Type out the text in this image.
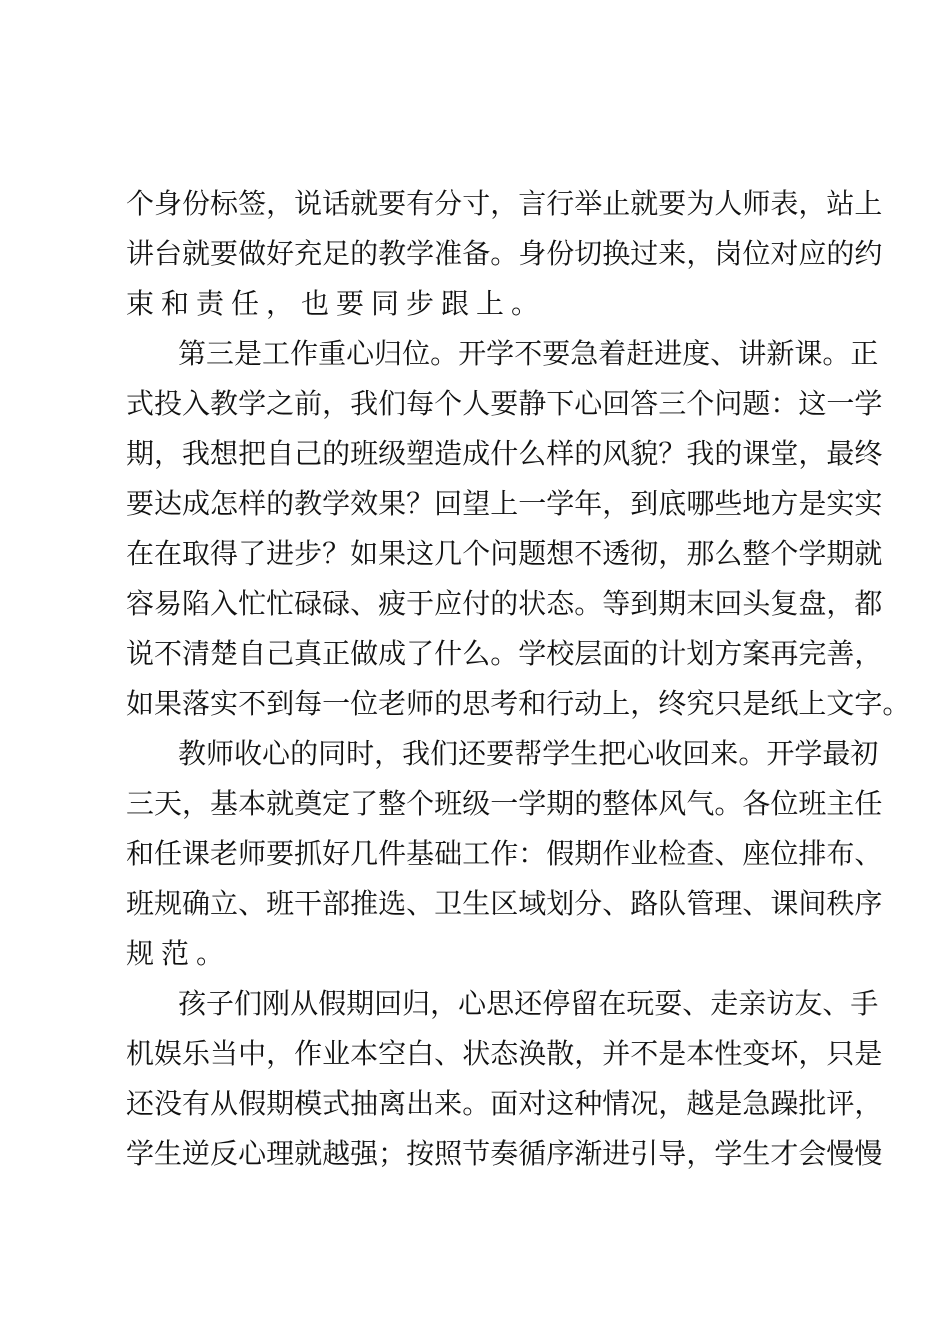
个 身 份 标 签 ， 说 话 就 要 有 分 寸 ， 言 行 举 止 就 要 为 人 师 表 ， 站 上
讲 台 就 要 做 好 充 足 的 教 学 准 备 。 身 份 切 换 过 来 ， 岗 位 对 应 的 约
束和责任，也要同步跟上。
第 三 是 工 作 重 心 归 位 。 开 学 不 要 急 着 赶 进 度 、 讲 新 课 。 正
式 投 入 教 学 之 前 ， 我 们 每 个 人 要 静 下 心 回 答 三 个 问 题 ： 这 一 学
期 ， 我 想 把 自 己 的 班 级 塑 造 成 什 么 样 的 风 貌 ？ 我 的 课 堂 ， 最 终
要 达 成 怎 样 的 教 学 效 果 ？ 回 望 上 一 学 年 ， 到 底 哪 些 地 方 是 实 实
在 在 取 得 了 进 步 ？ 如 果 这 几 个 问 题 想 不 透 彻 ， 那 么 整 个 学 期 就
容 易 陷 入 忙 忙 碌 碌 、 疲 于 应 付 的 状 态 。 等 到 期 末 回 头 复 盘 ， 都
说 不 清 楚 自 己 真 正 做 成 了 什 么 。 学 校 层 面 的 计 划 方 案 再 完 善 ，
如 果 落 实 不 到 每 一 位 老 师 的 思 考 和 行 动 上 ， 终 究 只 是 纸 上 文 字 。
教 师 收 心 的 同 时 ， 我 们 还 要 帮 学 生 把 心 收 回 来 。 开 学 最 初
三 天 ， 基 本 就 奠 定 了 整 个 班 级 一 学 期 的 整 体 风 气 。 各 位 班 主 任
和 任 课 老 师 要 抓 好 几 件 基 础 工 作 ： 假 期 作 业 检 查 、 座 位 排 布 、
班 规 确 立 、 班 干 部 推 选 、 卫 生 区 域 划 分 、 路 队 管 理 、 课 间 秩 序
规范。
孩 子 们 刚 从 假 期 回 归 ， 心 思 还 停 留 在 玩 耍 、 走 亲 访 友 、 手
机 娱 乐 当 中 ， 作 业 本 空 白 、 状 态 涣 散 ， 并 不 是 本 性 变 坏 ， 只 是
还 没 有 从 假 期 模 式 抽 离 出 来 。 面 对 这 种 情 况 ， 越 是 急 躁 批 评 ，
学 生 逆 反 心 理 就 越 强 ； 按 照 节 奏 循 序 渐 进 引 导 ， 学 生 才 会 慢 慢
